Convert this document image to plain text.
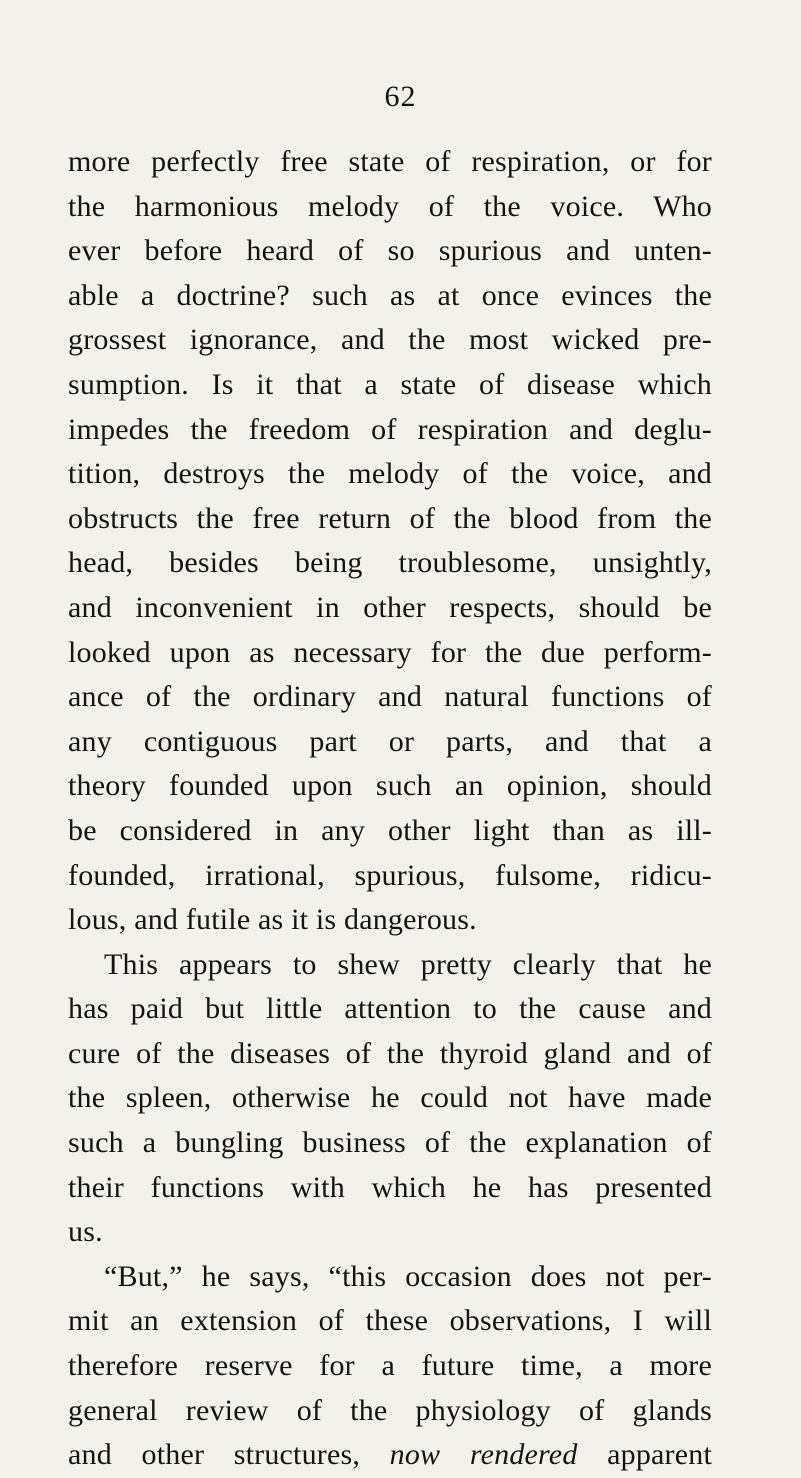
62
more perfectly free state of respiration, or for
the harmonious melody of the voice. Who
ever before heard of so spurious and unten-
able a doctrine? such as at once evinces the
grossest ignorance, and the most wicked pre-
sumption. Is it that a state of disease which
impedes the freedom of respiration and deglu-
tition, destroys the melody of the voice, and
obstructs the free return of the blood from the
head, besides being troublesome, unsightly,
and inconvenient in other respects, should be
looked upon as necessary for the due perform-
ance of the ordinary and natural functions of
any contiguous part or parts, and that a
theory founded upon such an opinion, should
be considered in any other light than as ill-
founded, irrational, spurious, fulsome, ridicu-
lous, and futile as it is dangerous.
This appears to shew pretty clearly that he
has paid but little attention to the cause and
cure of the diseases of the thyroid gland and of
the spleen, otherwise he could not have made
such a bungling business of the explanation of
their functions with which he has presented
us.
“But,” he says, “this occasion does not per-
mit an extension of these observations, I will
therefore reserve for a future time, a more
general review of the physiology of glands
and other structures, now rendered apparent
